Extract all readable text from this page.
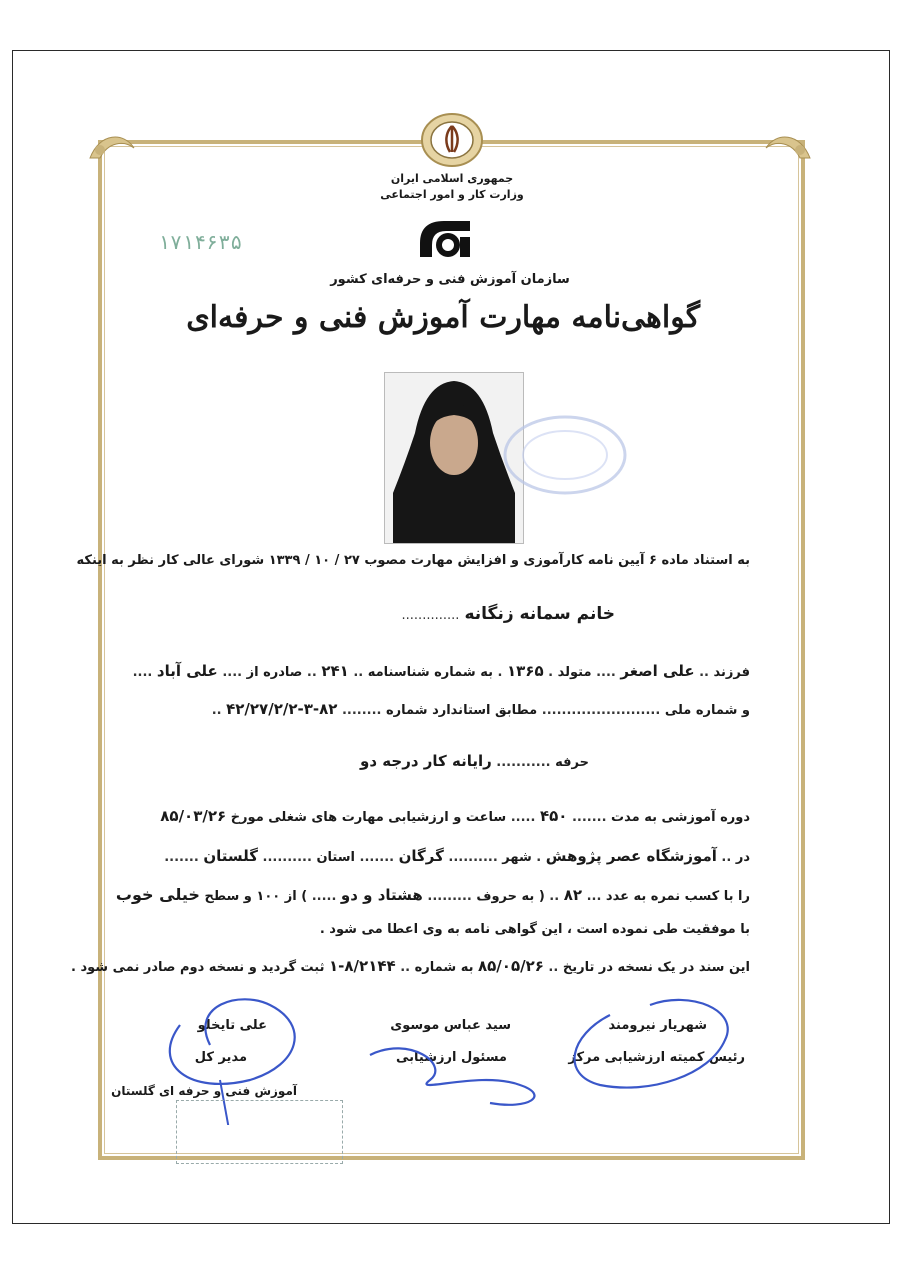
جمهوری اسلامی ایران
وزارت کار و امور اجتماعی
۱۷۱۴۶۳۵
سازمان آموزش فنی و حرفه‌ای کشور
گواهی‌نامه مهارت آموزش فنی و حرفه‌ای
به استناد ماده ۶ آیین نامه کارآموزی و افزایش مهارت مصوب ۲۷ / ۱۰ / ۱۳۳۹ شورای عالی کار نظر به اینکه
خانم سمانه زنگانه ..............
فرزند .. علی اصغر .... متولد . ۱۳۶۵ . به شماره شناسنامه .. ۲۴۱ .. صادره از .... علی آباد ....
و شماره ملی ........................ مطابق استاندارد شماره ........ ۸۲-۳-۴۲/۲۷/۲/۲ ..
حرفه ........... رایانه کار درجه دو
دوره آموزشی به مدت ....... ۴۵۰ ..... ساعت و ارزشیابی مهارت های شغلی مورخ ۸۵/۰۳/۲۶
در .. آموزشگاه عصر پژوهش . شهر .......... گرگان ....... استان .......... گلستان .......
را با کسب نمره به عدد ... ۸۲ .. ( به حروف ......... هشتاد و دو ..... ) از ۱۰۰ و سطح خیلی خوب
با موفقیت طی نموده است ، این گواهی نامه به وی اعطا می شود .
این سند در یک نسخه در تاریخ .. ۸۵/۰۵/۲۶ به شماره .. ۸/۲۱۴۴-۱ ثبت گردید و نسخه دوم صادر نمی شود .
شهریار نیرومند
رئیس کمیته ارزشیابی مرکز
سید عباس موسوی
مسئول ارزشیابی
علی تایخلو
مدیر کل
آموزش فنی و حرفه ای گلستان
